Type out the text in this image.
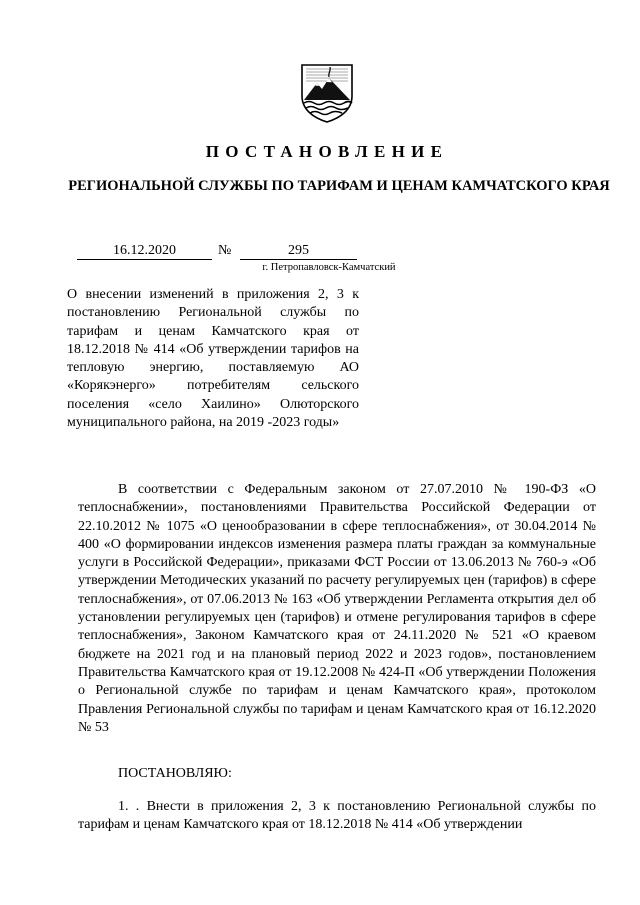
ПОСТАНОВЛЕНИЕ
РЕГИОНАЛЬНОЙ СЛУЖБЫ ПО ТАРИФАМ И ЦЕНАМ КАМЧАТСКОГО КРАЯ
16.12.2020	№	295
г. Петропавловск-Камчатский
О внесении изменений в приложения 2, 3 к постановлению Региональной службы по тарифам и ценам Камчатского края от 18.12.2018 № 414 «Об утверждении тарифов на тепловую энергию, поставляемую АО «Корякэнерго» потребителям сельского поселения «село Хаилино» Олюторского муниципального района, на 2019 -2023 годы»
В соответствии с Федеральным законом от 27.07.2010 № 190-ФЗ «О теплоснабжении», постановлениями Правительства Российской Федерации от 22.10.2012 № 1075 «О ценообразовании в сфере теплоснабжения», от 30.04.2014 № 400 «О формировании индексов изменения размера платы граждан за коммунальные услуги в Российской Федерации», приказами ФСТ России от 13.06.2013 № 760-э «Об утверждении Методических указаний по расчету регулируемых цен (тарифов) в сфере теплоснабжения», от 07.06.2013 № 163 «Об утверждении Регламента открытия дел об установлении регулируемых цен (тарифов) и отмене регулирования тарифов в сфере теплоснабжения», Законом Камчатского края от 24.11.2020 № 521 «О краевом бюджете на 2021 год и на плановый период 2022 и 2023 годов», постановлением Правительства Камчатского края от 19.12.2008 № 424-П «Об утверждении Положения о Региональной службе по тарифам и ценам Камчатского края», протоколом Правления Региональной службы по тарифам и ценам Камчатского края от 16.12.2020 № 53
ПОСТАНОВЛЯЮ:
1. . Внести в приложения 2, 3 к постановлению Региональной службы по тарифам и ценам Камчатского края от 18.12.2018 № 414 «Об утверждении
